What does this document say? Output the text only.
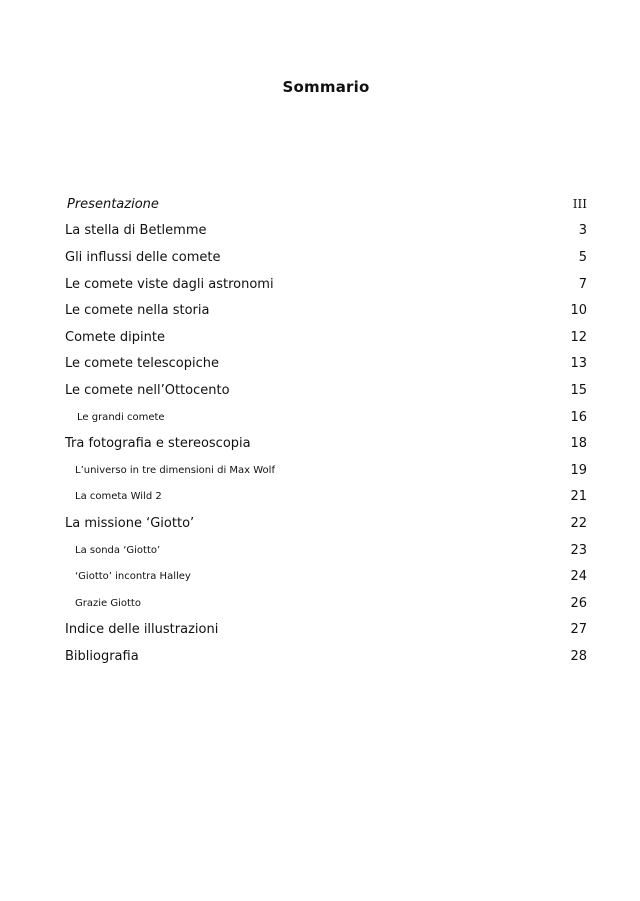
Sommario
Presentazione	III
La stella di Betlemme	3
Gli influssi delle comete	5
Le comete viste dagli astronomi	7
Le comete nella storia	10
Comete dipinte	12
Le comete telescopiche	13
Le comete nell’Ottocento	15
Le grandi comete	16
Tra fotografia e stereoscopia	18
L’universo in tre dimensioni di Max Wolf	19
La cometa Wild 2	21
La missione ‘Giotto’	22
La sonda ‘Giotto’	23
‘Giotto’ incontra Halley	24
Grazie Giotto	26
Indice delle illustrazioni	27
Bibliografia	28
